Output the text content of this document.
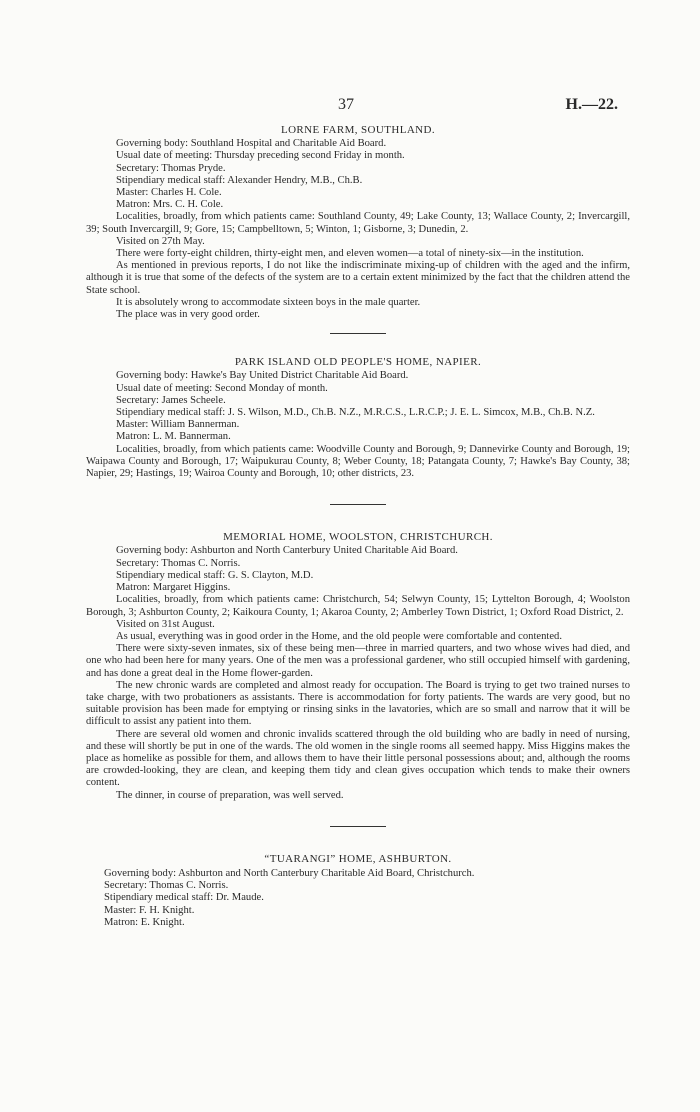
37	H.—22.
LORNE FARM, SOUTHLAND.
Governing body: Southland Hospital and Charitable Aid Board.
Usual date of meeting: Thursday preceding second Friday in month.
Secretary: Thomas Pryde.
Stipendiary medical staff: Alexander Hendry, M.B., Ch.B.
Master: Charles H. Cole.
Matron: Mrs. C. H. Cole.

Localities, broadly, from which patients came: Southland County, 49; Lake County, 13; Wallace County, 2; Invercargill, 39; South Invercargill, 9; Gore, 15; Campbelltown, 5; Winton, 1; Gisborne, 3; Dunedin, 2.

Visited on 27th May.

There were forty-eight children, thirty-eight men, and eleven women—a total of ninety-six—in the institution.

As mentioned in previous reports, I do not like the indiscriminate mixing-up of children with the aged and the infirm, although it is true that some of the defects of the system are to a certain extent minimized by the fact that the children attend the State school.

It is absolutely wrong to accommodate sixteen boys in the male quarter.

The place was in very good order.

PARK ISLAND OLD PEOPLE'S HOME, NAPIER.
Governing body: Hawke's Bay United District Charitable Aid Board.
Usual date of meeting: Second Monday of month.
Secretary: James Scheele.

Stipendiary medical staff: J. S. Wilson, M.D., Ch.B. N.Z., M.R.C.S., L.R.C.P.; J. E. L. Simcox, M.B., Ch.B. N.Z.

Master: William Bannerman.
Matron: L. M. Bannerman.

Localities, broadly, from which patients came: Woodville County and Borough, 9; Dannevirke County and Borough, 19; Waipawa County and Borough, 17; Waipukurau County, 8; Weber County, 18; Patangata County, 7; Hawke's Bay County, 38; Napier, 29; Hastings, 19; Wairoa County and Borough, 10; other districts, 23.

MEMORIAL HOME, WOOLSTON, CHRISTCHURCH.
Governing body: Ashburton and North Canterbury United Charitable Aid Board.
Secretary: Thomas C. Norris.
Stipendiary medical staff: G. S. Clayton, M.D.
Matron: Margaret Higgins.

Localities, broadly, from which patients came: Christchurch, 54; Selwyn County, 15; Lyttelton Borough, 4; Woolston Borough, 3; Ashburton County, 2; Kaikoura County, 1; Akaroa County, 2; Amberley Town District, 1; Oxford Road District, 2.

Visited on 31st August.

As usual, everything was in good order in the Home, and the old people were comfortable and contented.

There were sixty-seven inmates, six of these being men—three in married quarters, and two whose wives had died, and one who had been here for many years. One of the men was a professional gardener, who still occupied himself with gardening, and has done a great deal in the Home flower-garden.

The new chronic wards are completed and almost ready for occupation. The Board is trying to get two trained nurses to take charge, with two probationers as assistants. There is accommodation for forty patients. The wards are very good, but no suitable provision has been made for emptying or rinsing sinks in the lavatories, which are so small and narrow that it will be difficult to assist any patient into them.

There are several old women and chronic invalids scattered through the old building who are badly in need of nursing, and these will shortly be put in one of the wards. The old women in the single rooms all seemed happy. Miss Higgins makes the place as homelike as possible for them, and allows them to have their little personal possessions about; and, although the rooms are crowded-looking, they are clean, and keeping them tidy and clean gives occupation which tends to make their owners content.

The dinner, in course of preparation, was well served.

“TUARANGI” HOME, ASHBURTON.
Governing body: Ashburton and North Canterbury Charitable Aid Board, Christchurch.
Secretary: Thomas C. Norris.
Stipendiary medical staff: Dr. Maude.
Master: F. H. Knight.
Matron: E. Knight.
